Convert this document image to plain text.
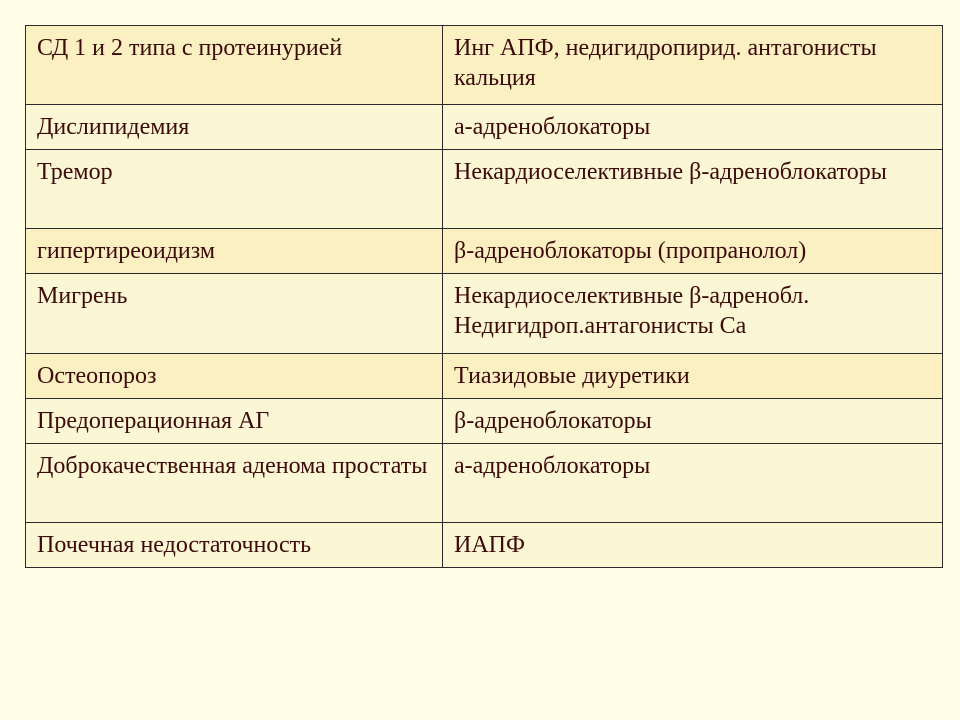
СД 1 и 2 типа с протеинурией	Инг АПФ, недигидропирид. антагонисты кальция
Дислипидемия	а-адреноблокаторы
Тремор	Некардиоселективные β-адреноблокаторы
гипертиреоидизм	β-адреноблокаторы (пропранолол)
Мигрень	Некардиоселективные β-адренобл. Недигидроп.антагонисты Са
Остеопороз	Тиазидовые диуретики
Предоперационная АГ	β-адреноблокаторы
Доброкачественная аденома простаты	а-адреноблокаторы
Почечная недостаточность	ИАПФ
